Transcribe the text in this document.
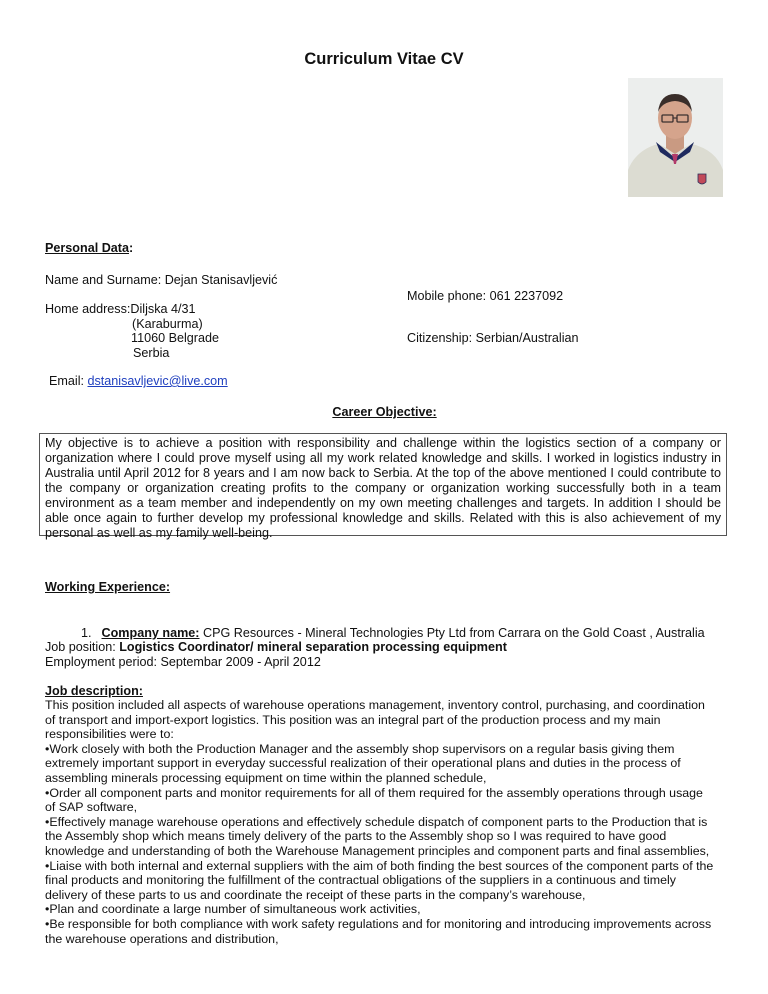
Curriculum Vitae CV
Personal Data:
Name and Surname: Dejan Stanisavljević
Mobile phone: 061 2237092
Home address:Diljska 4/31
(Karaburma)
11060 Belgrade
Serbia
Citizenship: Serbian/Australian
Email: dstanisavljevic@live.com
Career Objective:

My objective is to achieve a position with responsibility and challenge within the logistics section of a company or organization where I could prove myself using all my work related knowledge and skills. I worked in logistics industry in Australia until April 2012 for 8 years and I am now back to Serbia. At the top of the above mentioned I could contribute to the company or organization creating profits to the company or organization working successfully both in a team environment as a team member and independently on my own meeting challenges and targets. In addition I should be able once again to further develop my professional knowledge and skills. Related with this is also achievement of my personal as well as my family well-being.

Working Experience:
1. Company name: CPG Resources - Mineral Technologies Pty Ltd from Carrara on the Gold Coast , Australia
Job position: Logistics Coordinator/ mineral separation processing equipment
Employment period: Septembar 2009 - April 2012
Job description:
This position included all aspects of warehouse operations management, inventory control, purchasing, and coordination
of transport and import-export logistics. This position was an integral part of the production process and my main
responsibilities were to:
•Work closely with both the Production Manager and the assembly shop supervisors on a regular basis giving them
extremely important support in everyday successful realization of their operational plans and duties in the process of
assembling minerals processing equipment on time within the planned schedule,
•Order all component parts and monitor requirements for all of them required for the assembly operations through usage
of SAP software,
•Effectively manage warehouse operations and effectively schedule dispatch of component parts to the Production that is
the Assembly shop which means timely delivery of the parts to the Assembly shop so I was required to have good
knowledge and understanding of both the Warehouse Management principles and component parts and final assemblies,
•Liaise with both internal and external suppliers with the aim of both finding the best sources of the component parts of the
final products and monitoring the fulfillment of the contractual obligations of the suppliers in a continuous and timely
delivery of these parts to us and coordinate the receipt of these parts in the company’s warehouse,
•Plan and coordinate a large number of simultaneous work activities,
•Be responsible for both compliance with work safety regulations and for monitoring and introducing improvements across
the warehouse operations and distribution,
